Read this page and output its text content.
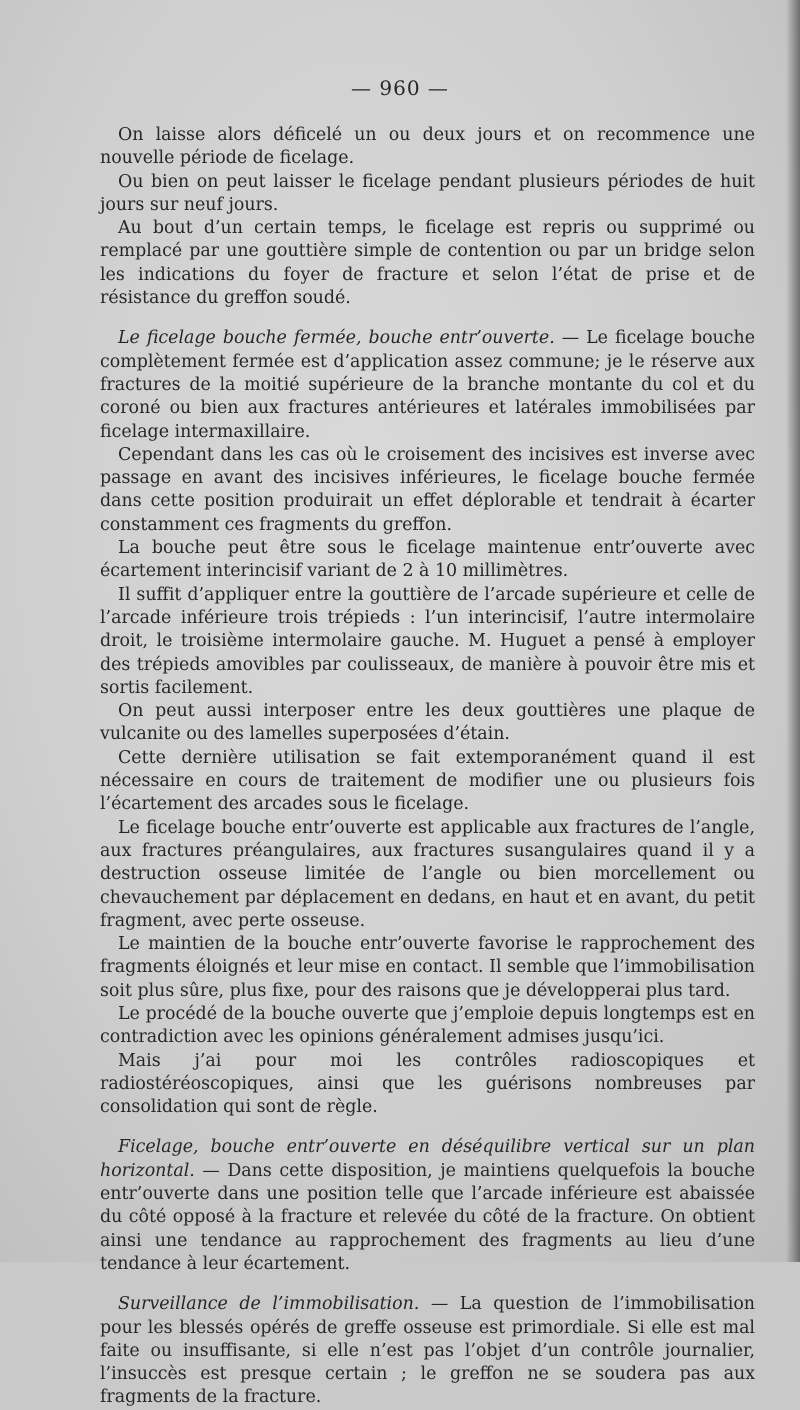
— 960 —

On laisse alors déficelé un ou deux jours et on recommence une nouvelle période de ficelage.

Ou bien on peut laisser le ficelage pendant plusieurs périodes de huit jours sur neuf jours.

Au bout d’un certain temps, le ficelage est repris ou supprimé ou remplacé par une gouttière simple de contention ou par un bridge selon les indications du foyer de fracture et selon l’état de prise et de résistance du greffon soudé.

Le ficelage bouche fermée, bouche entr’ouverte. — Le ficelage bouche complètement fermée est d’application assez commune; je le réserve aux fractures de la moitié supérieure de la branche montante du col et du coroné ou bien aux fractures antérieures et latérales immobilisées par ficelage intermaxillaire.

Cependant dans les cas où le croisement des incisives est inverse avec passage en avant des incisives inférieures, le ficelage bouche fermée dans cette position produirait un effet déplorable et tendrait à écarter constamment ces fragments du greffon.

La bouche peut être sous le ficelage maintenue entr’ouverte avec écartement interincisif variant de 2 à 10 millimètres.

Il suffit d’appliquer entre la gouttière de l’arcade supérieure et celle de l’arcade inférieure trois trépieds : l’un interincisif, l’autre intermolaire droit, le troisième intermolaire gauche. M. Huguet a pensé à employer des trépieds amovibles par coulisseaux, de manière à pouvoir être mis et sortis facilement.

On peut aussi interposer entre les deux gouttières une plaque de vulcanite ou des lamelles superposées d’étain.

Cette dernière utilisation se fait extemporanément quand il est nécessaire en cours de traitement de modifier une ou plusieurs fois l’écartement des arcades sous le ficelage.

Le ficelage bouche entr’ouverte est applicable aux fractures de l’angle, aux fractures préangulaires, aux fractures susangulaires quand il y a destruction osseuse limitée de l’angle ou bien morcellement ou chevauchement par déplacement en dedans, en haut et en avant, du petit fragment, avec perte osseuse.

Le maintien de la bouche entr’ouverte favorise le rapprochement des fragments éloignés et leur mise en contact. Il semble que l’immobilisation soit plus sûre, plus fixe, pour des raisons que je développerai plus tard.

Le procédé de la bouche ouverte que j’emploie depuis longtemps est en contradiction avec les opinions généralement admises jusqu’ici.

Mais j’ai pour moi les contrôles radioscopiques et radiostéréoscopiques, ainsi que les guérisons nombreuses par consolidation qui sont de règle.

Ficelage, bouche entr’ouverte en déséquilibre vertical sur un plan horizontal. — Dans cette disposition, je maintiens quelquefois la bouche entr’ouverte dans une position telle que l’arcade inférieure est abaissée du côté opposé à la fracture et relevée du côté de la fracture. On obtient ainsi une tendance au rapprochement des fragments au lieu d’une tendance à leur écartement.

Surveillance de l’immobilisation. — La question de l’immobilisation pour les blessés opérés de greffe osseuse est primordiale. Si elle est mal faite ou insuffisante, si elle n’est pas l’objet d’un contrôle journalier, l’insuccès est presque certain ; le greffon ne se soudera pas aux fragments de la fracture.
